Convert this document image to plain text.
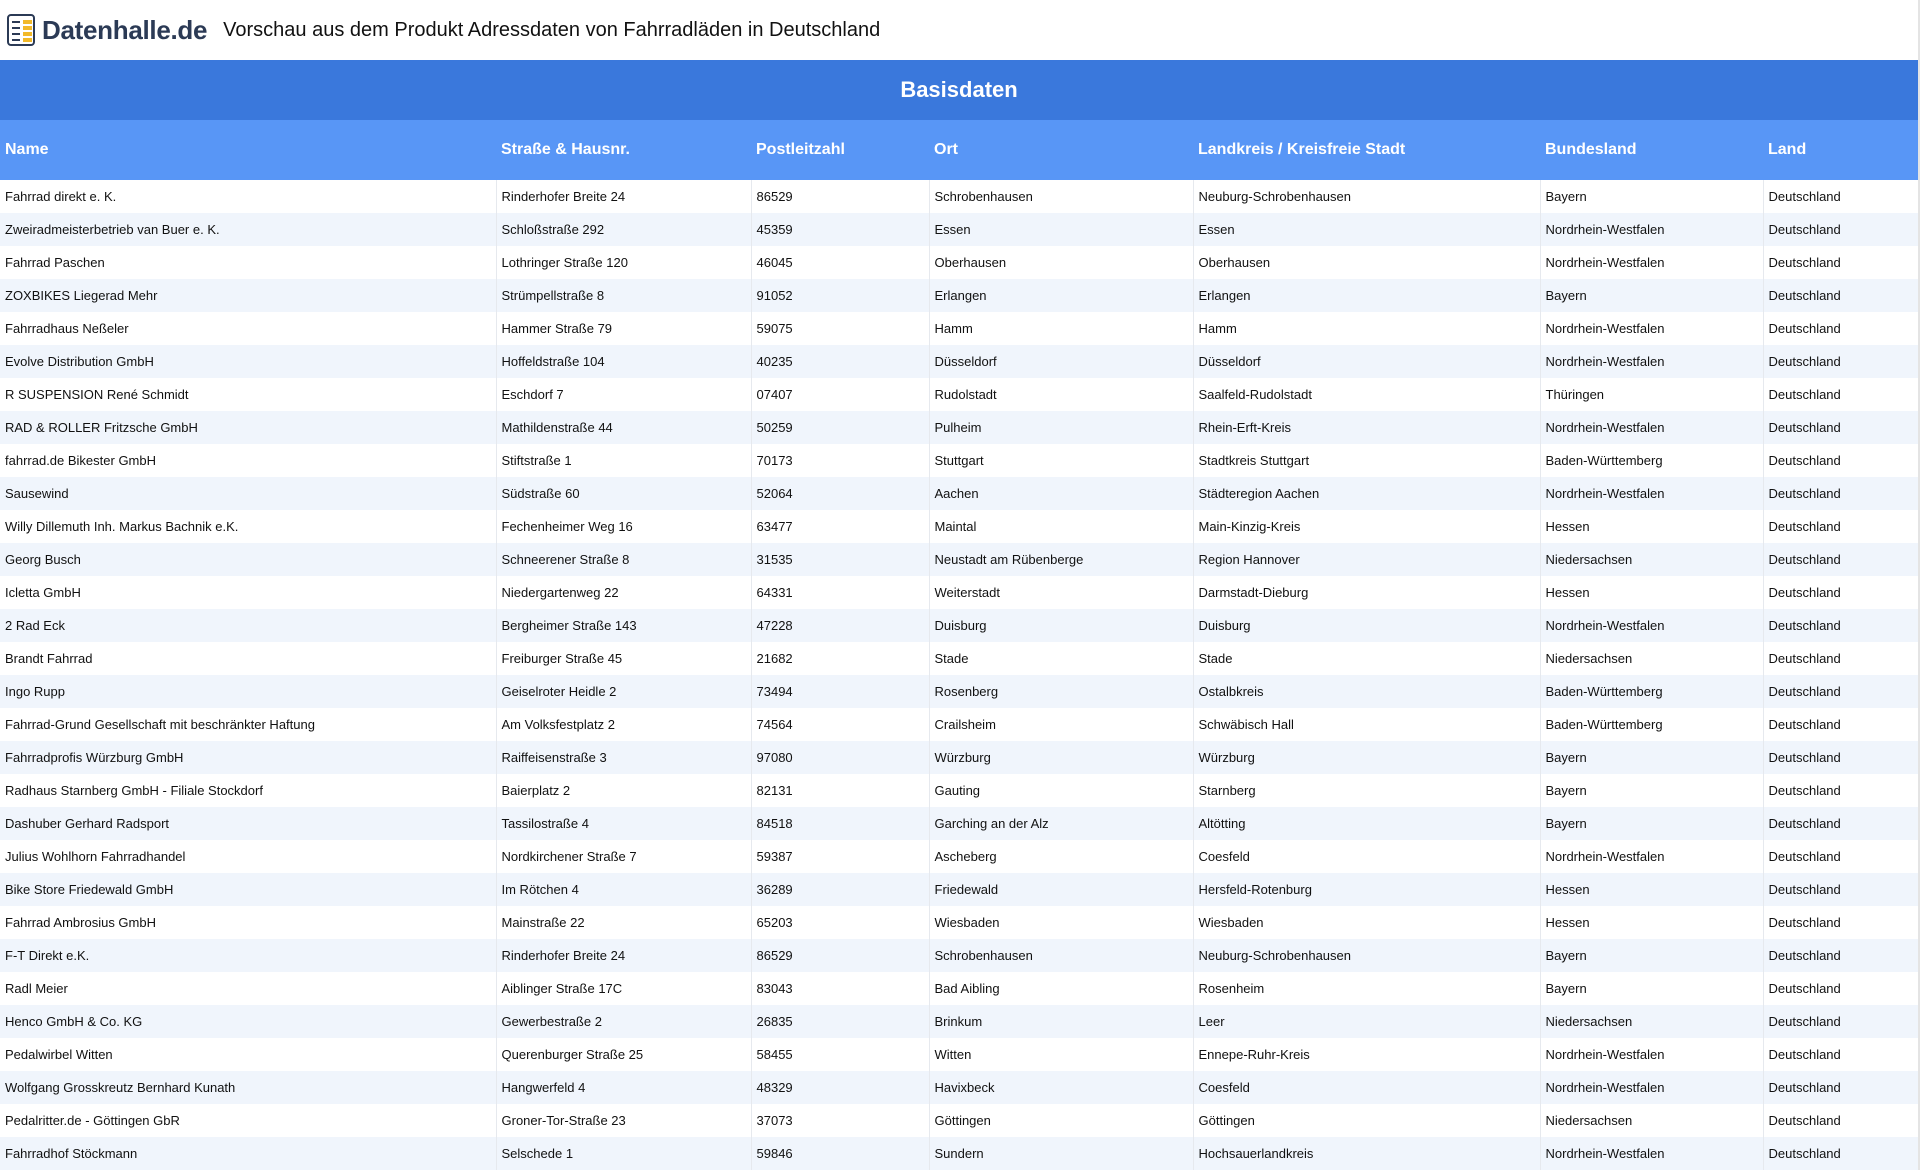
Datenhalle.de Vorschau aus dem Produkt Adressdaten von Fahrradläden in Deutschland
Basisdaten						
Name	Straße & Hausnr.	Postleitzahl	Ort	Landkreis / Kreisfreie Stadt	Bundesland	Land
Fahrrad direkt e. K.	Rinderhofer Breite 24	86529	Schrobenhausen	Neuburg-Schrobenhausen	Bayern	Deutschland
Zweiradmeisterbetrieb van Buer e. K.	Schloßstraße 292	45359	Essen	Essen	Nordrhein-Westfalen	Deutschland
Fahrrad Paschen	Lothringer Straße 120	46045	Oberhausen	Oberhausen	Nordrhein-Westfalen	Deutschland
ZOXBIKES Liegerad Mehr	Strümpellstraße 8	91052	Erlangen	Erlangen	Bayern	Deutschland
Fahrradhaus Neßeler	Hammer Straße 79	59075	Hamm	Hamm	Nordrhein-Westfalen	Deutschland
Evolve Distribution GmbH	Hoffeldstraße 104	40235	Düsseldorf	Düsseldorf	Nordrhein-Westfalen	Deutschland
R SUSPENSION René Schmidt	Eschdorf 7	07407	Rudolstadt	Saalfeld-Rudolstadt	Thüringen	Deutschland
RAD & ROLLER Fritzsche GmbH	Mathildenstraße 44	50259	Pulheim	Rhein-Erft-Kreis	Nordrhein-Westfalen	Deutschland
fahrrad.de Bikester GmbH	Stiftstraße 1	70173	Stuttgart	Stadtkreis Stuttgart	Baden-Württemberg	Deutschland
Sausewind	Südstraße 60	52064	Aachen	Städteregion Aachen	Nordrhein-Westfalen	Deutschland
Willy Dillemuth Inh. Markus Bachnik e.K.	Fechenheimer Weg 16	63477	Maintal	Main-Kinzig-Kreis	Hessen	Deutschland
Georg Busch	Schneerener Straße 8	31535	Neustadt am Rübenberge	Region Hannover	Niedersachsen	Deutschland
Icletta GmbH	Niedergartenweg 22	64331	Weiterstadt	Darmstadt-Dieburg	Hessen	Deutschland
2 Rad Eck	Bergheimer Straße 143	47228	Duisburg	Duisburg	Nordrhein-Westfalen	Deutschland
Brandt Fahrrad	Freiburger Straße 45	21682	Stade	Stade	Niedersachsen	Deutschland
Ingo Rupp	Geiselroter Heidle 2	73494	Rosenberg	Ostalbkreis	Baden-Württemberg	Deutschland
Fahrrad-Grund Gesellschaft mit beschränkter Haftung	Am Volksfestplatz 2	74564	Crailsheim	Schwäbisch Hall	Baden-Württemberg	Deutschland
Fahrradprofis Würzburg GmbH	Raiffeisenstraße 3	97080	Würzburg	Würzburg	Bayern	Deutschland
Radhaus Starnberg GmbH - Filiale Stockdorf	Baierplatz 2	82131	Gauting	Starnberg	Bayern	Deutschland
Dashuber Gerhard Radsport	Tassilostraße 4	84518	Garching an der Alz	Altötting	Bayern	Deutschland
Julius Wohlhorn Fahrradhandel	Nordkirchener Straße 7	59387	Ascheberg	Coesfeld	Nordrhein-Westfalen	Deutschland
Bike Store Friedewald GmbH	Im Rötchen 4	36289	Friedewald	Hersfeld-Rotenburg	Hessen	Deutschland
Fahrrad Ambrosius GmbH	Mainstraße 22	65203	Wiesbaden	Wiesbaden	Hessen	Deutschland
F-T Direkt e.K.	Rinderhofer Breite 24	86529	Schrobenhausen	Neuburg-Schrobenhausen	Bayern	Deutschland
Radl Meier	Aiblinger Straße 17C	83043	Bad Aibling	Rosenheim	Bayern	Deutschland
Henco GmbH & Co. KG	Gewerbestraße 2	26835	Brinkum	Leer	Niedersachsen	Deutschland
Pedalwirbel Witten	Querenburger Straße 25	58455	Witten	Ennepe-Ruhr-Kreis	Nordrhein-Westfalen	Deutschland
Wolfgang Grosskreutz Bernhard Kunath	Hangwerfeld 4	48329	Havixbeck	Coesfeld	Nordrhein-Westfalen	Deutschland
Pedalritter.de - Göttingen GbR	Groner-Tor-Straße 23	37073	Göttingen	Göttingen	Niedersachsen	Deutschland
Fahrradhof Stöckmann	Selschede 1	59846	Sundern	Hochsauerlandkreis	Nordrhein-Westfalen	Deutschland
